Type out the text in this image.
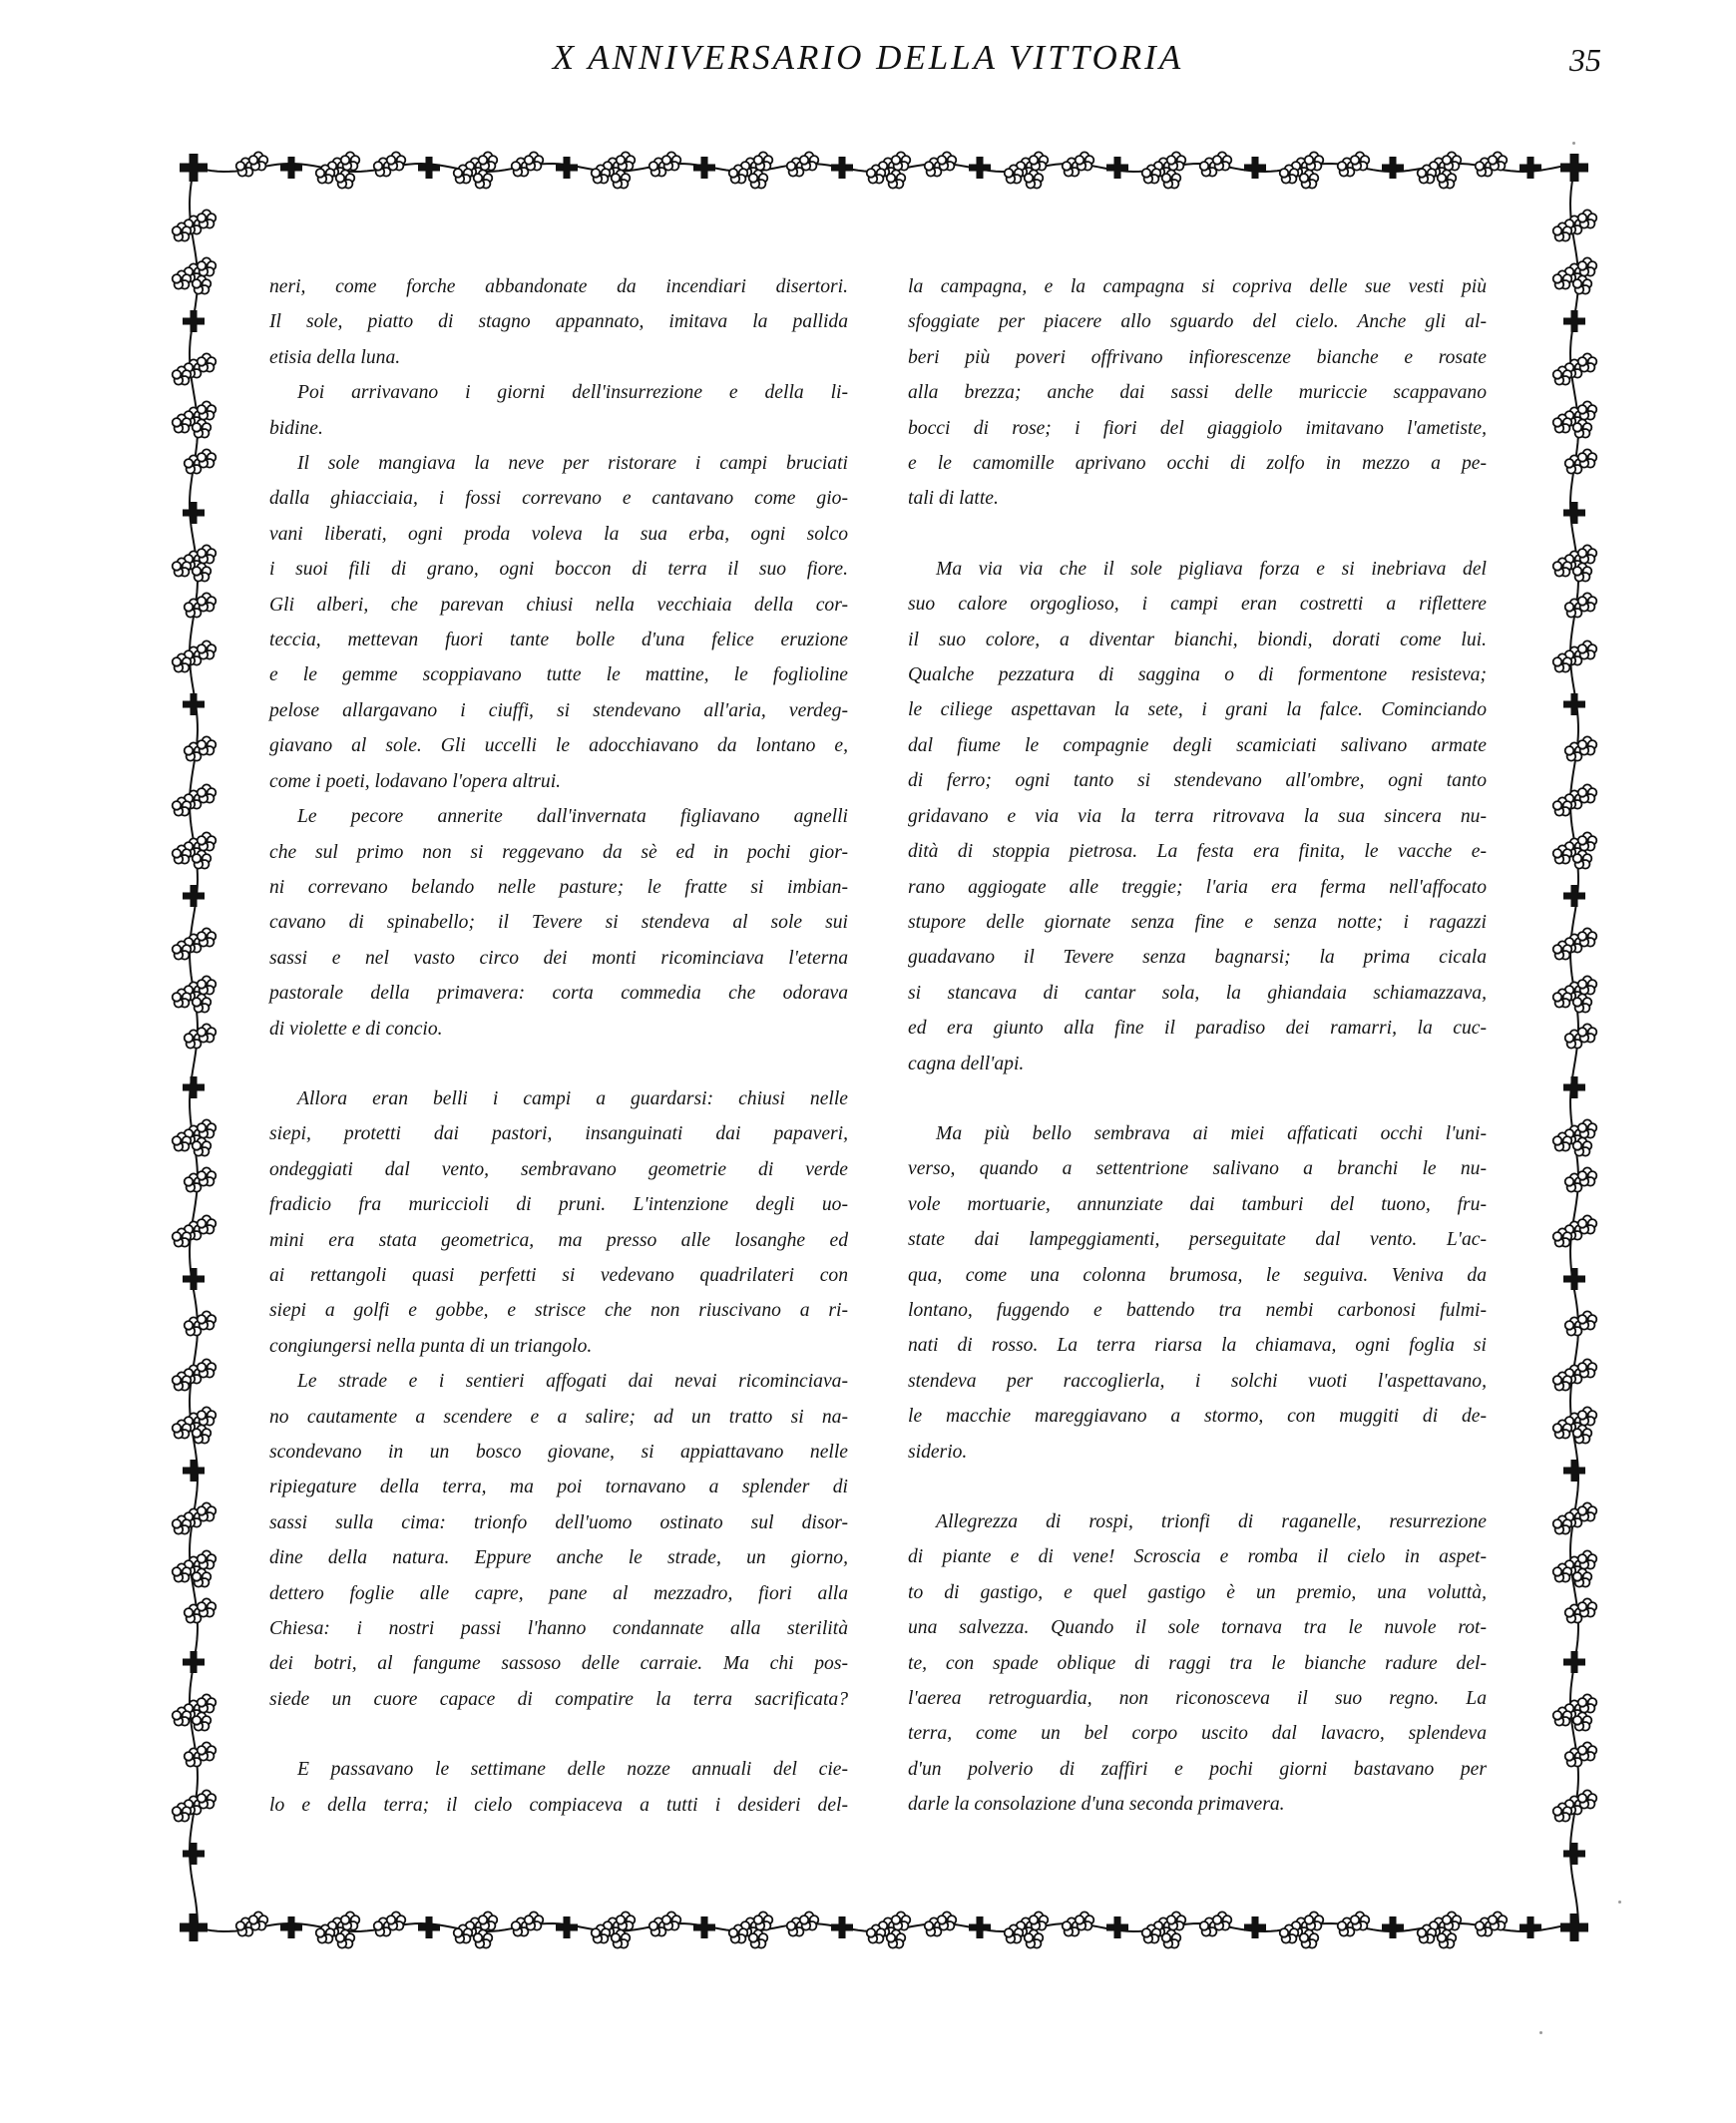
X ANNIVERSARIO DELLA VITTORIA	35

neri, come forche abbandonate da incendiari disertori.

Il sole, piatto di stagno appannato, imitava la pallida

etisia della luna.

Poi arrivavano i giorni dell'insurrezione e della li-

bidine.

Il sole mangiava la neve per ristorare i campi bruciati

dalla ghiacciaia, i fossi correvano e cantavano come gio-

vani liberati, ogni proda voleva la sua erba, ogni solco

i suoi fili di grano, ogni boccon di terra il suo fiore.

Gli alberi, che parevan chiusi nella vecchiaia della cor-

teccia, mettevan fuori tante bolle d'una felice eruzione

e le gemme scoppiavano tutte le mattine, le foglioline

pelose allargavano i ciuffi, si stendevano all'aria, verdeg-

giavano al sole. Gli uccelli le adocchiavano da lontano e,

come i poeti, lodavano l'opera altrui.

Le pecore annerite dall'invernata figliavano agnelli

che sul primo non si reggevano da sè ed in pochi gior-

ni correvano belando nelle pasture; le fratte si imbian-

cavano di spinabello; il Tevere si stendeva al sole sui

sassi e nel vasto circo dei monti ricominciava l'eterna

pastorale della primavera: corta commedia che odorava

di violette e di concio.

Allora eran belli i campi a guardarsi: chiusi nelle

siepi, protetti dai pastori, insanguinati dai papaveri,

ondeggiati dal vento, sembravano geometrie di verde

fradicio fra muricciolі di pruni. L'intenzione degli uo-

mini era stata geometrica, ma presso alle losanghe ed

ai rettangoli quasi perfetti si vedevano quadrilateri con

siepi a golfi e gobbe, e strisce che non riuscivano a ri-

congiungersi nella punta di un triangolo.

Le strade e i sentieri affogati dai nevai ricominciava-

no cautamente a scendere e a salire; ad un tratto si na-

scondevano in un bosco giovane, si appiattavano nelle

ripiegature della terra, ma poi tornavano a splender di

sassi sulla cima: trionfo dell'uomo ostinato sul disor-

dine della natura. Eppure anche le strade, un giorno,

dettero foglie alle capre, pane al mezzadro, fiori alla

Chiesa: i nostri passi l'hanno condannate alla sterilità

dei botri, al fangume sassoso delle carraie. Ma chi pos-

siede un cuore capace di compatire la terra sacrificata?

E passavano le settimane delle nozze annuali del cie-

lo e della terra; il cielo compiaceva a tutti i desideri del-

la campagna, e la campagna si copriva delle sue vesti più

sfoggiate per piacere allo sguardo del cielo. Anche gli al-

beri più poveri offrivano infiorescenze bianche e rosate

alla brezza; anche dai sassi delle muriccie scappavano

bocci di rose; i fiori del giaggiolo imitavano l'ametiste,

e le camomille aprivano occhi di zolfo in mezzo a pe-

tali di latte.

Ma via via che il sole pigliava forza e si inebriava del

suo calore orgoglioso, i campi eran costretti a riflettere

il suo colore, a diventar bianchi, biondi, dorati come lui.

Qualche pezzatura di saggina o di formentone resisteva;

le ciliege aspettavan la sete, i grani la falce. Cominciando

dal fiume le compagnie degli scamiciati salivano armate

di ferro; ogni tanto si stendevano all'ombre, ogni tanto

gridavano e via via la terra ritrovava la sua sincera nu-

dità di stoppia pietrosa. La festa era finita, le vacche e-

rano aggiogate alle treggie; l'aria era ferma nell'affocato

stupore delle giornate senza fine e senza notte; i ragazzi

guadavano il Tevere senza bagnarsi; la prima cicala

si stancava di cantar sola, la ghiandaia schiamazzava,

ed era giunto alla fine il paradiso dei ramarri, la cuc-

cagna dell'api.

Ma più bello sembrava ai miei affaticati occhi l'uni-

verso, quando a settentrione salivano a branchi le nu-

vole mortuarie, annunziate dai tamburi del tuono, fru-

state dai lampeggiamenti, perseguitate dal vento. L'ac-

qua, come una colonna brumosa, le seguiva. Veniva da

lontano, fuggendo e battendo tra nembi carbonosi fulmi-

nati di rosso. La terra riarsa la chiamava, ogni foglia si

stendeva per raccoglierla, i solchi vuoti l'aspettavano,

le macchie mareggiavano a stormo, con muggiti di de-

siderio.

Allegrezza di rospi, trionfi di raganelle, resurrezione

di piante e di vene! Scroscia e romba il cielo in aspet-

to di gastigo, e quel gastigo è un premio, una voluttà,

una salvezza. Quando il sole tornava tra le nuvole rot-

te, con spade oblique di raggi tra le bianche radure del-

l'aerea retroguardia, non riconosceva il suo regno. La

terra, come un bel corpo uscito dal lavacro, splendeva

d'un polverio di zaffiri e pochi giorni bastavano per

darle la consolazione d'una seconda primavera.
